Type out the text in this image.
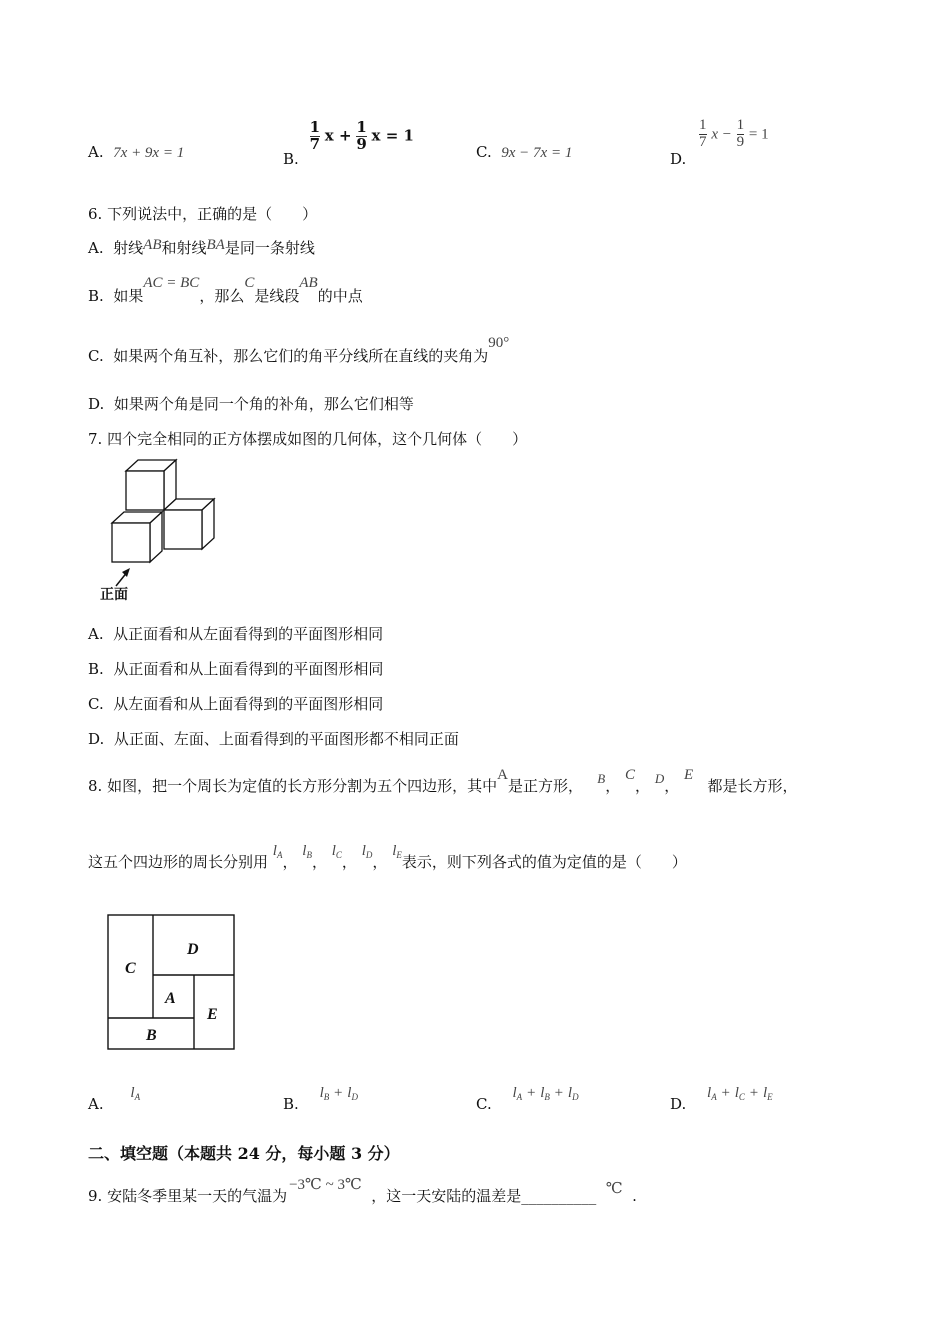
A. 7x + 9x = 1	B.
$\frac{1}{7}$ $x + \frac{1}{9}$ x = 1
C. 9x − 7x = 1	D.
$\frac{1}{7}$ $x - \frac{1}{9} = 1$
6. 下列说法中，正确的是（　　）
A. 射线AB和射线BA是同一条射线
B. 如果AC = BC，那么C是线段AB的中点
C. 如果两个角互补，那么它们的角平分线所在直线的夹角为90°
D. 如果两个角是同一个角的补角，那么它们相等
7. 四个完全相同的正方体摆成如图的几何体，这个几何体（　　）
正面
A. 从正面看和从左面看得到的平面图形相同
B. 从正面看和从上面看得到的平面图形相同
C. 从左面看和从上面看得到的平面图形相同
D. 从正面、左面、上面看得到的平面图形都不相同正面
8. 如图，把一个周长为定值的长方形分割为五个四边形，其中A是正方形， B， C， D， E   都是长方形，
这五个四边形的周长分别用 $l_A$， $l_B$， $l_C$， $l_D$， $l_E$表示，则下列各式的值为定值的是（　　）
C
D
A
E
B
A. $l_A$	B. $l_B + l_D$	C. $l_A + l_B + l_D$	D. $l_A + l_C + l_E$
二、填空题（本题共 24 分，每小题 3 分）
9. 安陆冬季里某一天的气温为−3℃ ~ 3℃  ，这一天安陆的温差是__________ ℃ .
